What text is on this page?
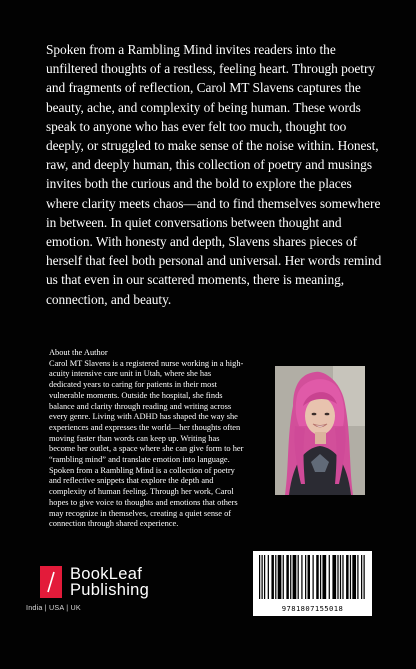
Spoken from a Rambling Mind invites readers into the unfiltered thoughts of a restless, feeling heart. Through poetry and fragments of reflection, Carol MT Slavens captures the beauty, ache, and complexity of being human. These words speak to anyone who has ever felt too much, thought too deeply, or struggled to make sense of the noise within. Honest, raw, and deeply human, this collection of poetry and musings invites both the curious and the bold to explore the places where clarity meets chaos—and to find themselves somewhere in between. In quiet conversations between thought and emotion. With honesty and depth, Slavens shares pieces of herself that feel both personal and universal. Her words remind us that even in our scattered moments, there is meaning, connection, and beauty.

About the Author

Carol MT Slavens is a registered nurse working in a high-acuity intensive care unit in Utah, where she has dedicated years to caring for patients in their most vulnerable moments. Outside the hospital, she finds balance and clarity through reading and writing across every genre. Living with ADHD has shaped the way she experiences and expresses the world—her thoughts often moving faster than words can keep up. Writing has become her outlet, a space where she can give form to her “rambling mind” and translate emotion into language. Spoken from a Rambling Mind is a collection of poetry and reflective snippets that explore the depth and complexity of human feeling. Through her work, Carol hopes to give voice to thoughts and emotions that others may recognize in themselves, creating a quiet sense of connection through shared experience.

9781807155018
BookLeaf
Publishing
India | USA | UK
